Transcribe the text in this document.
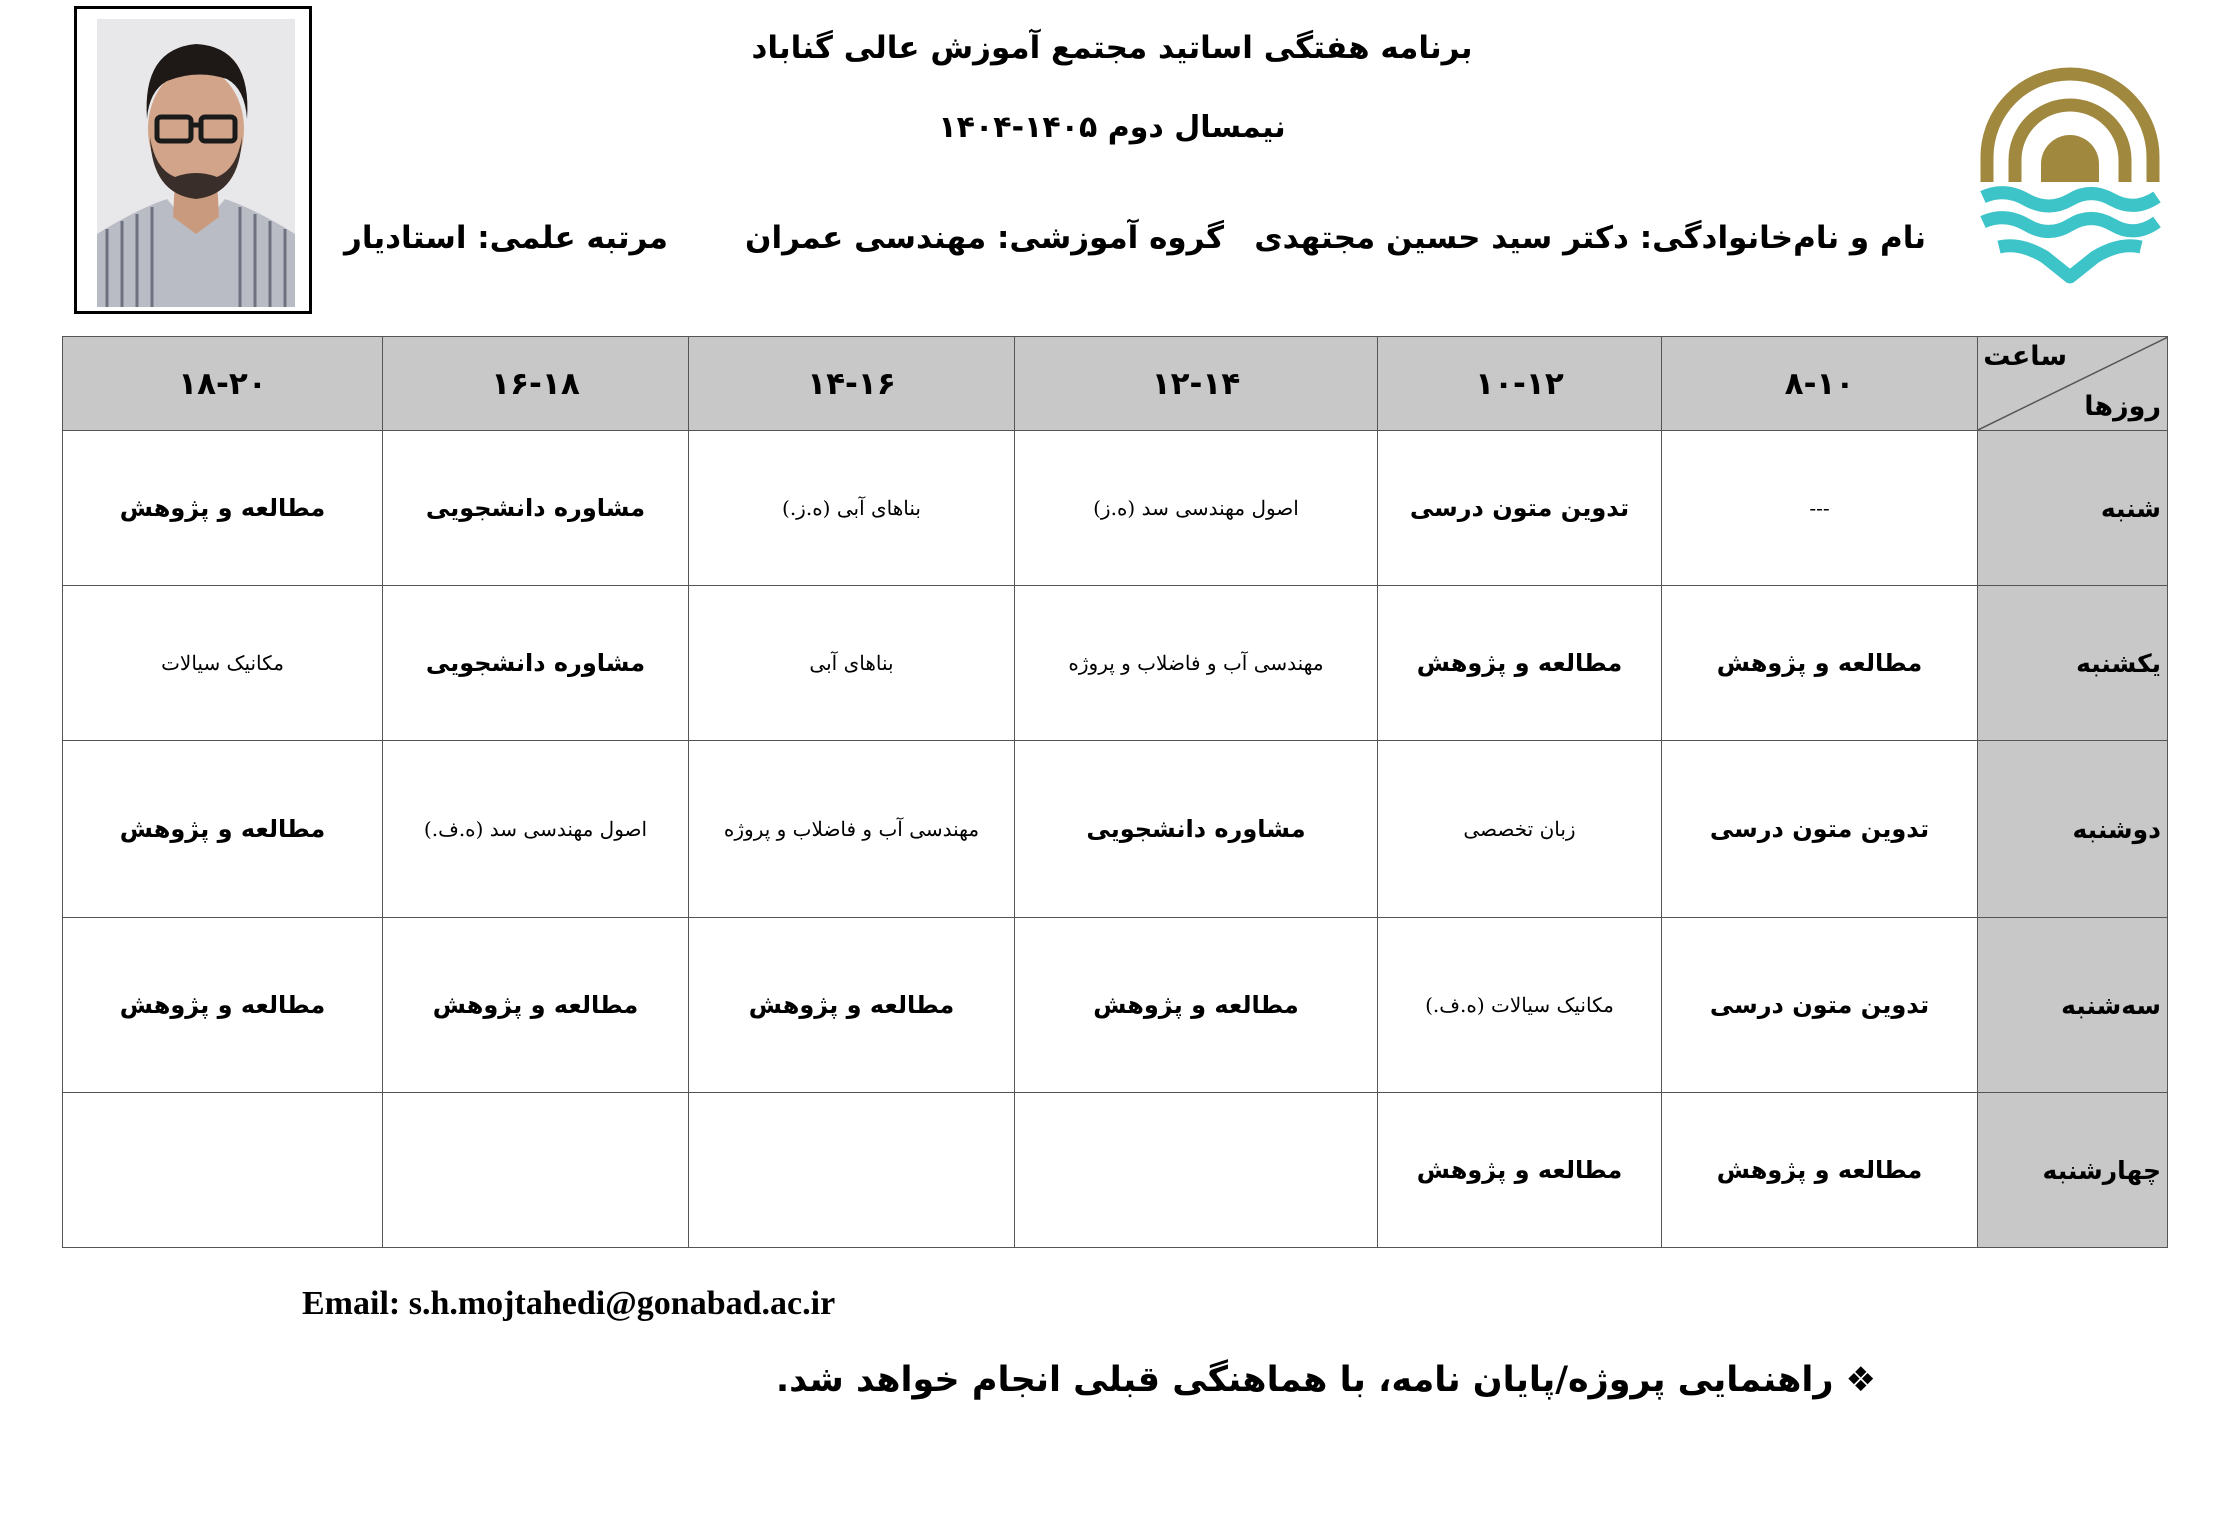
برنامه هفتگی اساتید مجتمع آموزش عالی گناباد
نیمسال دوم ۱۴۰۵-۱۴۰۴
نام و نام‌خانوادگی: دکتر سید حسین مجتهدی
گروه آموزشی: مهندسی عمران
مرتبه علمی: استادیار
۱۸-۲۰	۱۶-۱۸	۱۴-۱۶	۱۲-۱۴	۱۰-۱۲	۸-۱۰	ساعت
روزها

مطالعه و پژوهش	مشاوره دانشجویی	بناهای آبی (ه.ز.)	اصول مهندسی سد (ه.ز)	تدوین متون درسی	---	شنبه
مکانیک سیالات	مشاوره دانشجویی	بناهای آبی	مهندسی آب و فاضلاب و پروژه	مطالعه و پژوهش	مطالعه و پژوهش	یکشنبه
مطالعه و پژوهش	اصول مهندسی سد (ه.ف.)	مهندسی آب و فاضلاب و پروژه	مشاوره دانشجویی	زبان تخصصی	تدوین متون درسی	دوشنبه
مطالعه و پژوهش	مطالعه و پژوهش	مطالعه و پژوهش	مطالعه و پژوهش	مکانیک سیالات (ه.ف.)	تدوین متون درسی	سه‌شنبه
				مطالعه و پژوهش	مطالعه و پژوهش	چهارشنبه
Email: s.h.mojtahedi@gonabad.ac.ir
❖راهنمایی پروژه/پایان نامه، با هماهنگی قبلی انجام خواهد شد.
